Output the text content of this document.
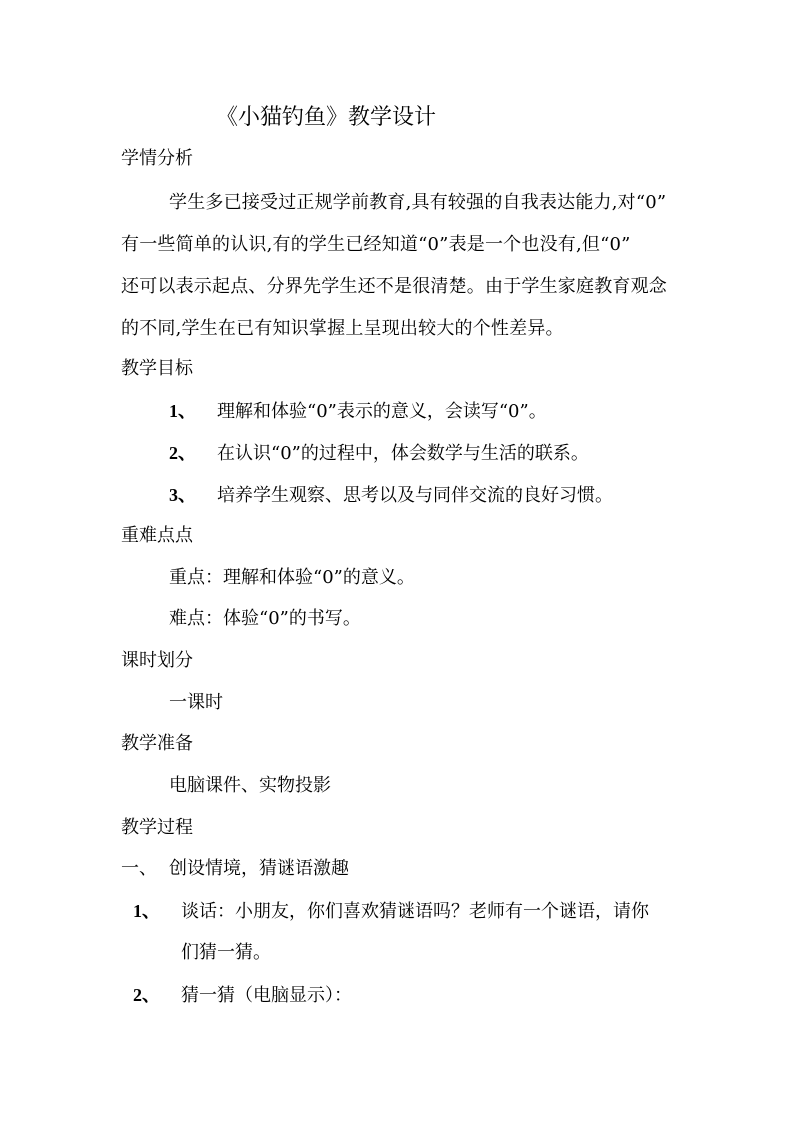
《小猫钓鱼》教学设计
学情分析
学生多已接受过正规学前教育,具有较强的自我表达能力,对“0”
有一些简单的认识,有的学生已经知道“0”表是一个也没有,但“0”
还可以表示起点、分界先学生还不是很清楚。由于学生家庭教育观念
的不同,学生在已有知识掌握上呈现出较大的个性差异。
教学目标
1、 理解和体验“0”表示的意义，会读写“0”。
2、 在认识“0”的过程中，体会数学与生活的联系。
3、 培养学生观察、思考以及与同伴交流的良好习惯。
重难点点
重点：理解和体验“0”的意义。
难点：体验“0”的书写。
课时划分
一课时
教学准备
电脑课件、实物投影
教学过程
一、 创设情境，猜谜语激趣
1、 谈话：小朋友，你们喜欢猜谜语吗？老师有一个谜语，请你
们猜一猜。
2、 猜一猜（电脑显示）：
